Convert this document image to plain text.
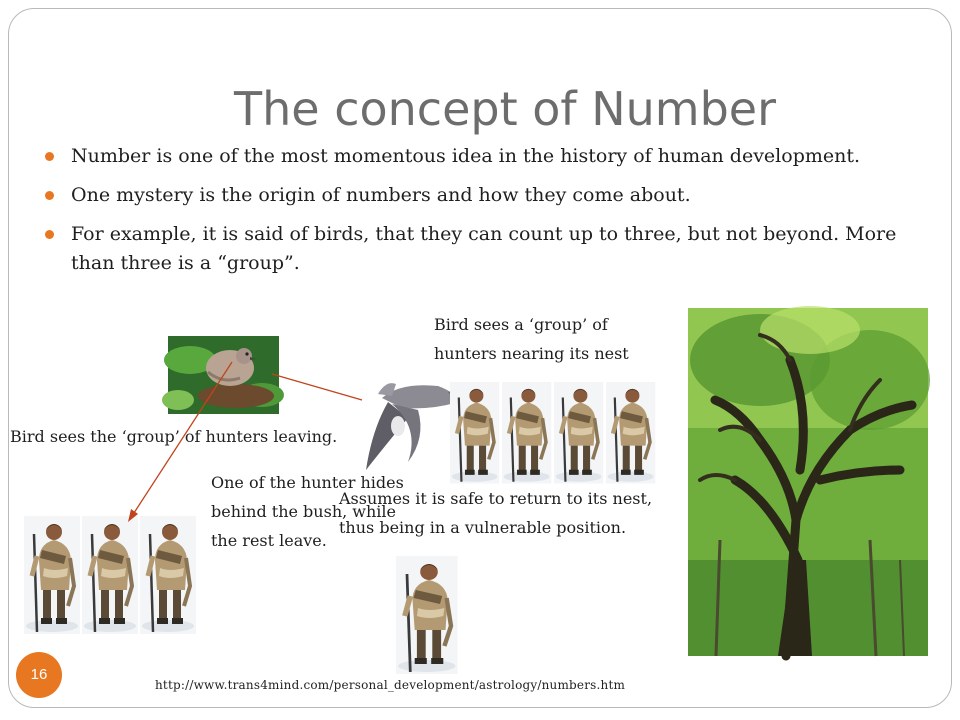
The concept of Number
Number is one of the most momentous idea in the history of human development.
One mystery is the origin of numbers and how they come about.
For example, it is said of birds, that they can count up to three, but not beyond. More than three is a “group”.
Bird sees a ‘group’ of
hunters nearing its nest
Bird sees the ‘group’ of hunters leaving.
One of the hunter hides
behind the bush, while
the rest leave.
Assumes it is safe to return to its nest,
thus being in a vulnerable position.
16
http://www.trans4mind.com/personal_development/astrology/numbers.htm
